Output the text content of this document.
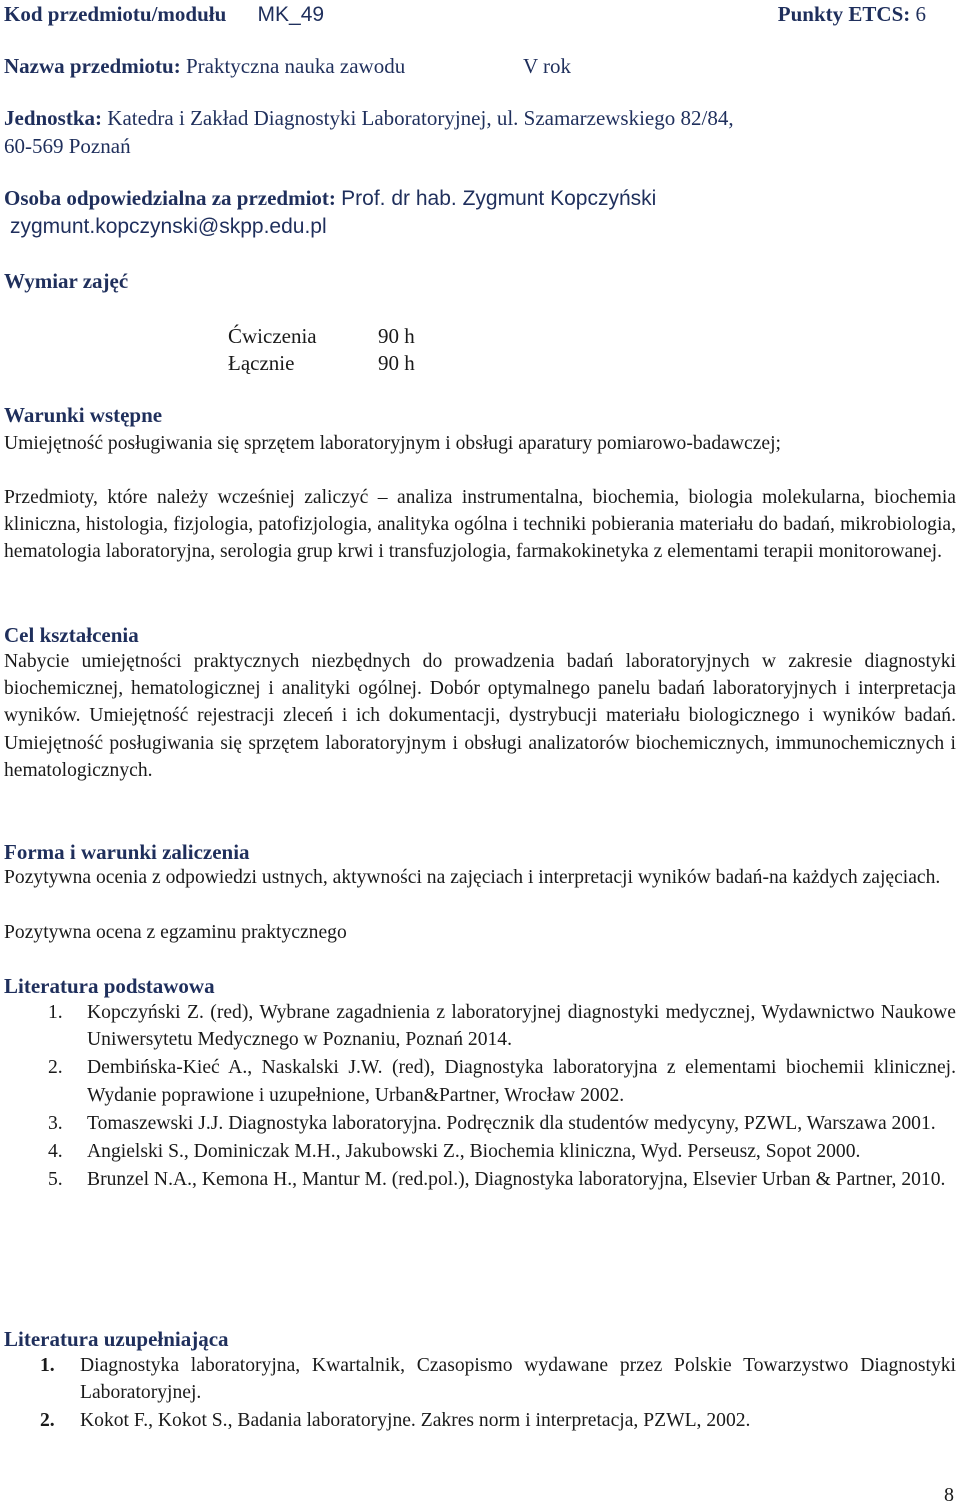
Kod przedmiotu/modułu MK_49	Punkty ETCS: 6
Nazwa przedmiotu: Praktyczna nauka zawodu	V rok
Jednostka: Katedra i Zakład Diagnostyki Laboratoryjnej, ul. Szamarzewskiego 82/84,
60-569 Poznań
Osoba odpowiedzialna za przedmiot: Prof. dr hab. Zygmunt Kopczyński
zygmunt.kopczynski@skpp.edu.pl
Wymiar zajęć
Ćwiczenia	90 h
Łącznie	90 h
Warunki wstępne
Umiejętność posługiwania się sprzętem laboratoryjnym i obsługi aparatury pomiarowo-badawczej;
Przedmioty, które należy wcześniej zaliczyć – analiza instrumentalna, biochemia, biologia molekularna, biochemia kliniczna, histologia, fizjologia, patofizjologia, analityka ogólna i techniki pobierania materiału do badań, mikrobiologia, hematologia laboratoryjna, serologia grup krwi i transfuzjologia, farmakokinetyka z elementami terapii monitorowanej.
Cel kształcenia
Nabycie umiejętności praktycznych niezbędnych do prowadzenia badań laboratoryjnych w zakresie diagnostyki biochemicznej, hematologicznej i analityki ogólnej. Dobór optymalnego panelu badań laboratoryjnych i interpretacja wyników. Umiejętność rejestracji zleceń i ich dokumentacji, dystrybucji materiału biologicznego i wyników badań. Umiejętność posługiwania się sprzętem laboratoryjnym i obsługi analizatorów biochemicznych, immunochemicznych i hematologicznych.
Forma i warunki zaliczenia
Pozytywna ocenia z odpowiedzi ustnych, aktywności na zajęciach i interpretacji wyników badań-na każdych zajęciach.
Pozytywna ocena z egzaminu praktycznego
Literatura podstawowa
1. Kopczyński Z. (red), Wybrane zagadnienia z laboratoryjnej diagnostyki medycznej, Wydawnictwo Naukowe Uniwersytetu Medycznego w Poznaniu, Poznań 2014.
2. Dembińska-Kieć A., Naskalski J.W. (red), Diagnostyka laboratoryjna z elementami biochemii klinicznej. Wydanie poprawione i uzupełnione, Urban&Partner, Wrocław 2002.
3. Tomaszewski J.J. Diagnostyka laboratoryjna. Podręcznik dla studentów medycyny, PZWL, Warszawa 2001.
4. Angielski S., Dominiczak M.H., Jakubowski Z., Biochemia kliniczna, Wyd. Perseusz, Sopot 2000.
5. Brunzel N.A., Kemona H., Mantur M. (red.pol.), Diagnostyka laboratoryjna, Elsevier Urban & Partner, 2010.
Literatura uzupełniająca
1. Diagnostyka laboratoryjna, Kwartalnik, Czasopismo wydawane przez Polskie Towarzystwo Diagnostyki Laboratoryjnej.
2. Kokot F., Kokot S., Badania laboratoryjne. Zakres norm i interpretacja, PZWL, 2002.
8
